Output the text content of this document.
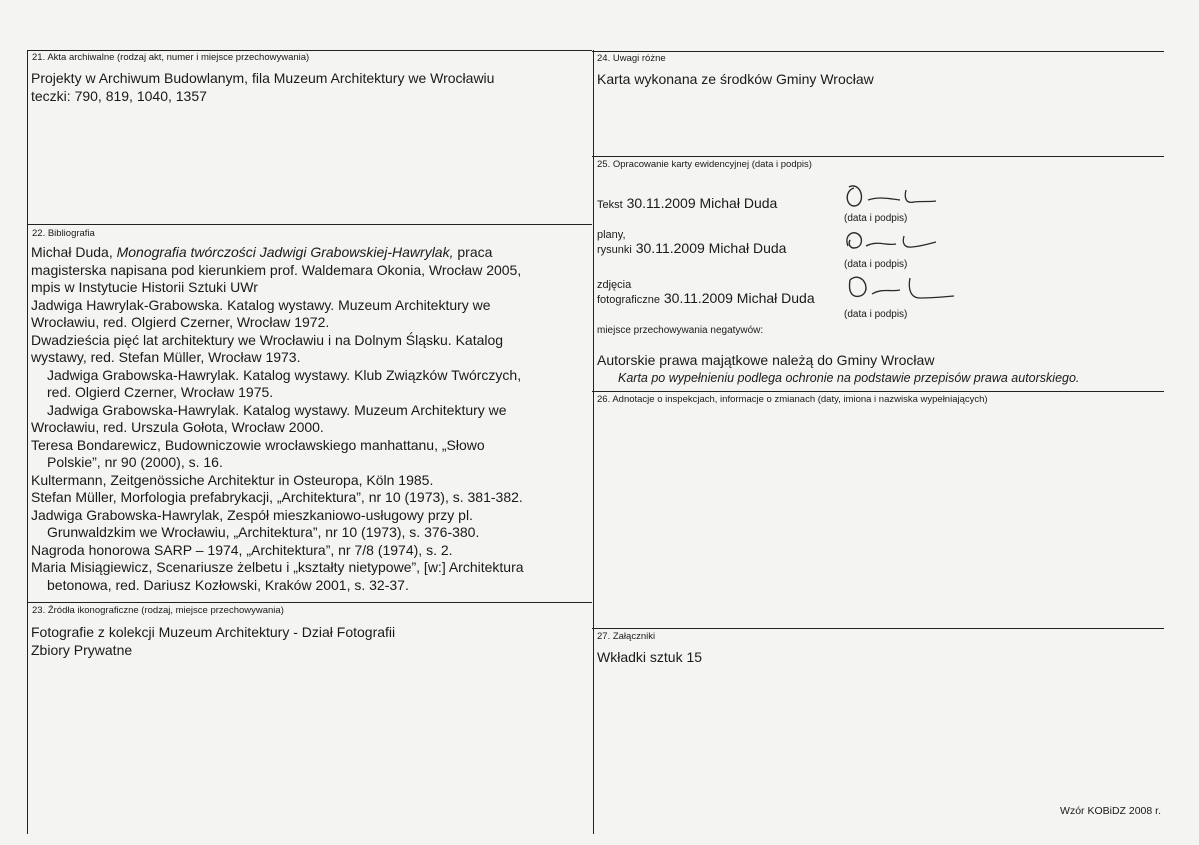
21. Akta archiwalne (rodzaj akt, numer i miejsce przechowywania)
Projekty w Archiwum Budowlanym, fila Muzeum Architektury we Wrocławiu
teczki: 790, 819, 1040, 1357
22. Bibliografia
Michał Duda, Monografia twórczości Jadwigi Grabowskiej-Hawrylak, praca
magisterska napisana pod kierunkiem prof. Waldemara Okonia, Wrocław 2005,
mpis w Instytucie Historii Sztuki UWr
Jadwiga Hawrylak-Grabowska. Katalog wystawy. Muzeum Architektury we
Wrocławiu, red. Olgierd Czerner, Wrocław 1972.
Dwadzieścia pięć lat architektury we Wrocławiu i na Dolnym Śląsku. Katalog
wystawy, red. Stefan Müller, Wrocław 1973.
Jadwiga Grabowska-Hawrylak. Katalog wystawy. Klub Związków Twórczych,
red. Olgierd Czerner, Wrocław 1975.
Jadwiga Grabowska-Hawrylak. Katalog wystawy. Muzeum Architektury we
Wrocławiu, red. Urszula Gołota, Wrocław 2000.
Teresa Bondarewicz, Budowniczowie wrocławskiego manhattanu, „Słowo
Polskie”, nr 90 (2000), s. 16.
Kultermann, Zeitgenössiche Architektur in Osteuropa, Köln 1985.
Stefan Müller, Morfologia prefabrykacji, „Architektura”, nr 10 (1973), s. 381-382.
Jadwiga Grabowska-Hawrylak, Zespół mieszkaniowo-usługowy przy pl.
Grunwaldzkim we Wrocławiu, „Architektura”, nr 10 (1973), s. 376-380.
Nagroda honorowa SARP – 1974, „Architektura”, nr 7/8 (1974), s. 2.
Maria Misiągiewicz, Scenariusze żelbetu i „kształty nietypowe”, [w:] Architektura
betonowa, red. Dariusz Kozłowski, Kraków 2001, s. 32-37.
23. Źródła ikonograficzne (rodzaj, miejsce przechowywania)
Fotografie z kolekcji Muzeum Architektury - Dział Fotografii
Zbiory Prywatne
24. Uwagi różne
Karta wykonana ze środków Gminy Wrocław
25. Opracowanie karty ewidencyjnej (data i podpis)
Tekst 30.11.2009 Michał Duda
(data i podpis)
plany,
rysunki 30.11.2009 Michał Duda
(data i podpis)
zdjęcia
fotograficzne 30.11.2009 Michał Duda
(data i podpis)
miejsce przechowywania negatywów:
Autorskie prawa majątkowe należą do Gminy Wrocław
Karta po wypełnieniu podlega ochronie na podstawie przepisów prawa autorskiego.
26. Adnotacje o inspekcjach, informacje o zmianach (daty, imiona i nazwiska wypełniających)
27. Załączniki
Wkładki sztuk 15
Wzór KOBiDZ 2008 r.
